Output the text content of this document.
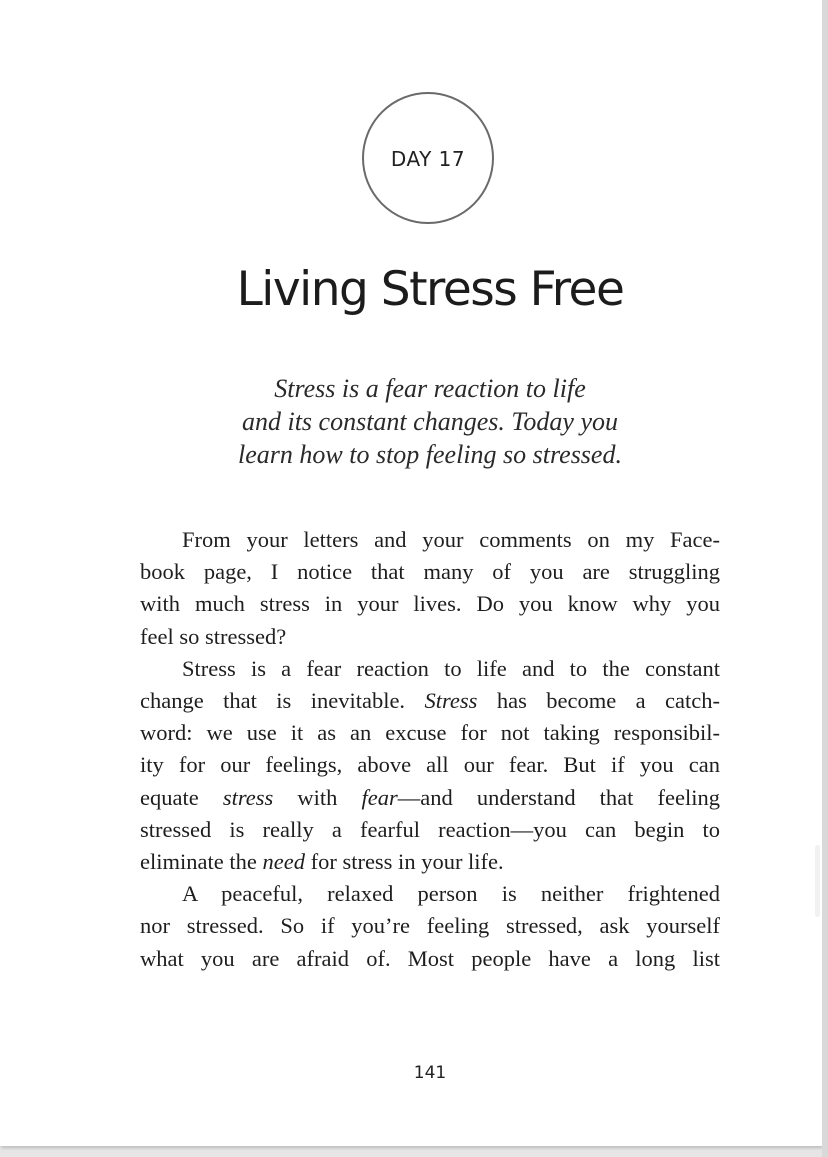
DAY 17
Living Stress Free
Stress is a fear reaction to life
and its constant changes. Today you
learn how to stop feeling so stressed.
From your letters and your comments on my Face-
book page, I notice that many of you are struggling
with much stress in your lives. Do you know why you
feel so stressed?
Stress is a fear reaction to life and to the constant
change that is inevitable. Stress has become a catch-
word: we use it as an excuse for not taking responsibil-
ity for our feelings, above all our fear. But if you can
equate stress with fear—and understand that feeling
stressed is really a fearful reaction—you can begin to
eliminate the need for stress in your life.
A peaceful, relaxed person is neither frightened
nor stressed. So if you’re feeling stressed, ask yourself
what you are afraid of. Most people have a long list
141
